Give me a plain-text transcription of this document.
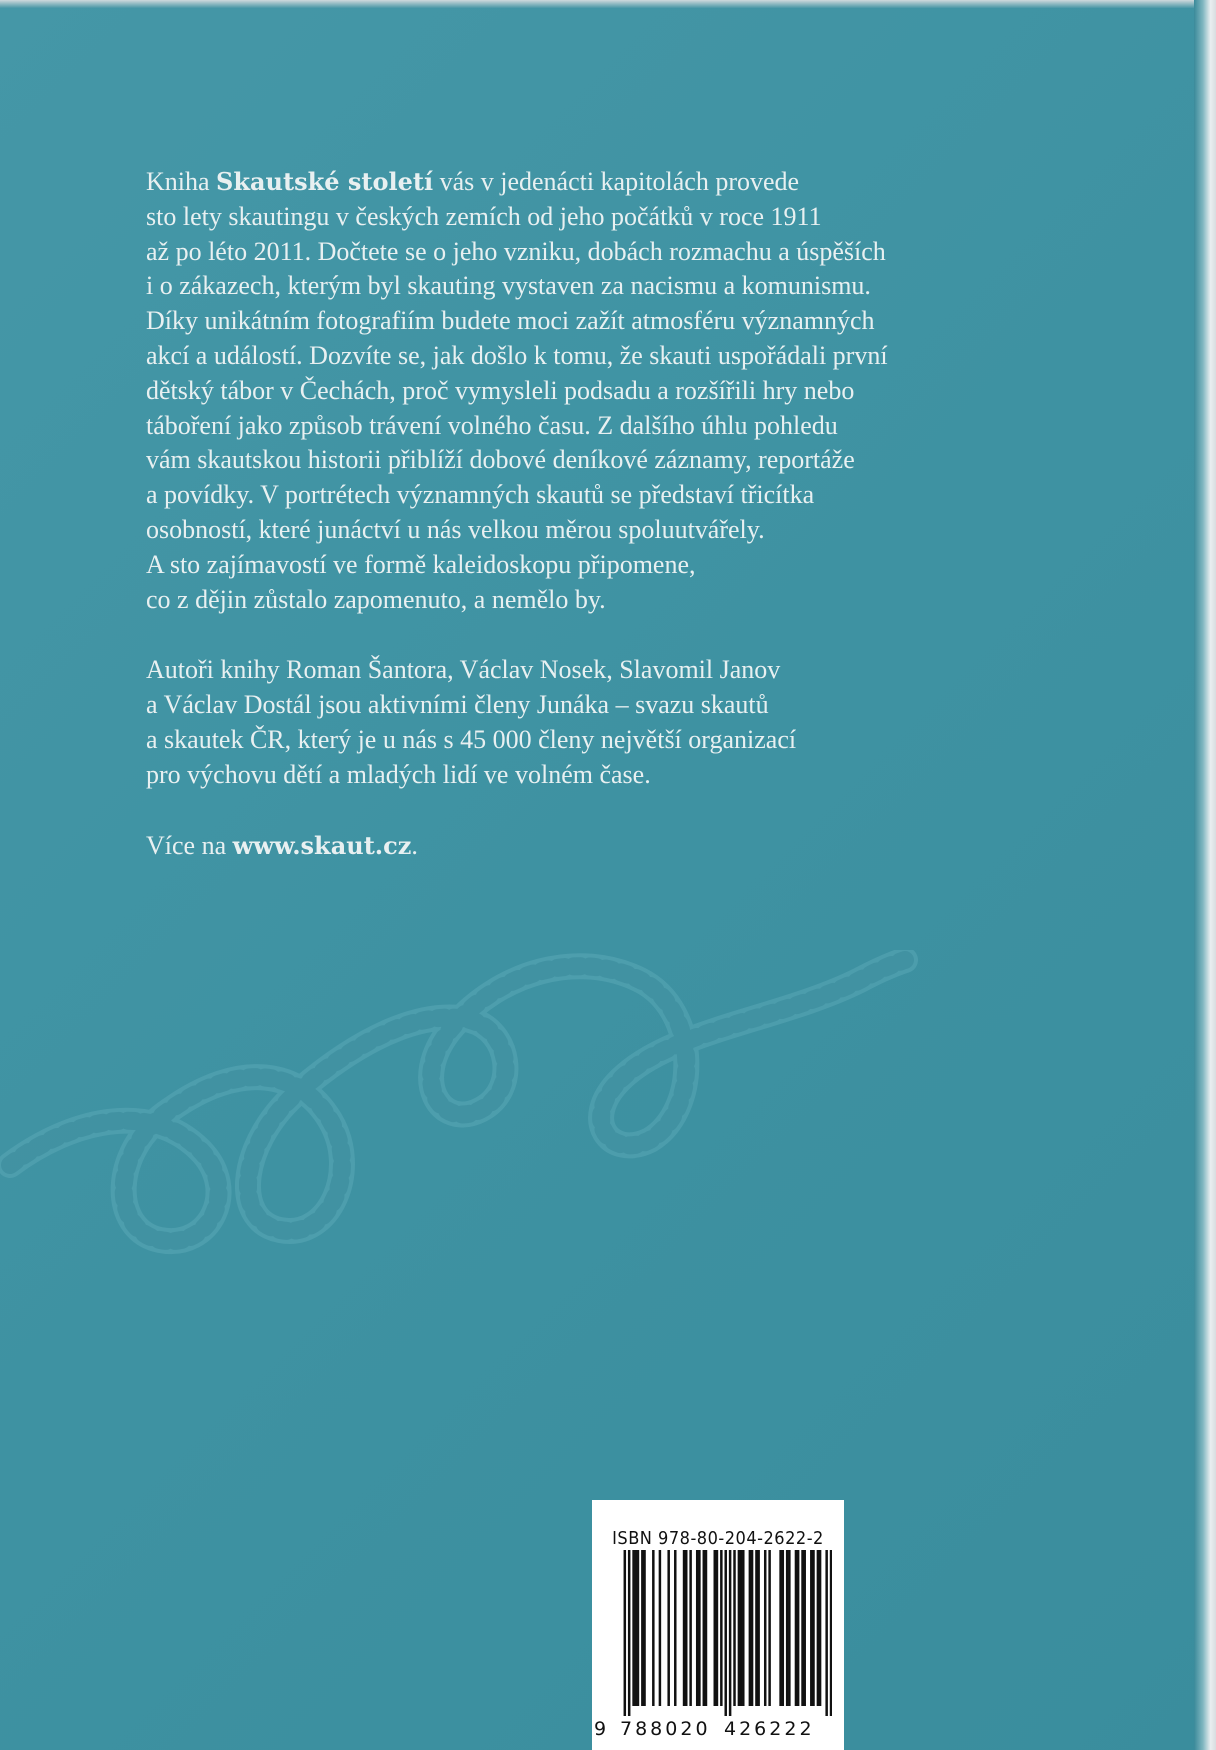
Kniha Skautské století vás v jedenácti kapitolách provede
sto lety skautingu v českých zemích od jeho počátků v roce 1911
až po léto 2011. Dočtete se o jeho vzniku, dobách rozmachu a úspěších
i o zákazech, kterým byl skauting vystaven za nacismu a komunismu.
Díky unikátním fotografiím budete moci zažít atmosféru významných
akcí a událostí. Dozvíte se, jak došlo k tomu, že skauti uspořádali první
dětský tábor v Čechách, proč vymysleli podsadu a rozšířili hry nebo
táboření jako způsob trávení volného času. Z dalšího úhlu pohledu
vám skautskou historii přiblíží dobové deníkové záznamy, reportáže
a povídky. V portrétech významných skautů se představí třicítka
osobností, které junáctví u nás velkou měrou spoluutvářely.
A sto zajímavostí ve formě kaleidoskopu připomene,
co z dějin zůstalo zapomenuto, a nemělo by.
Autoři knihy Roman Šantora, Václav Nosek, Slavomil Janov
a Václav Dostál jsou aktivními členy Junáka – svazu skautů
a skautek ČR, který je u nás s 45 000 členy největší organizací
pro výchovu dětí a mladých lidí ve volném čase.
Více na www.skaut.cz.
ISBN 978-80-204-2622-2
9 788020 426222
